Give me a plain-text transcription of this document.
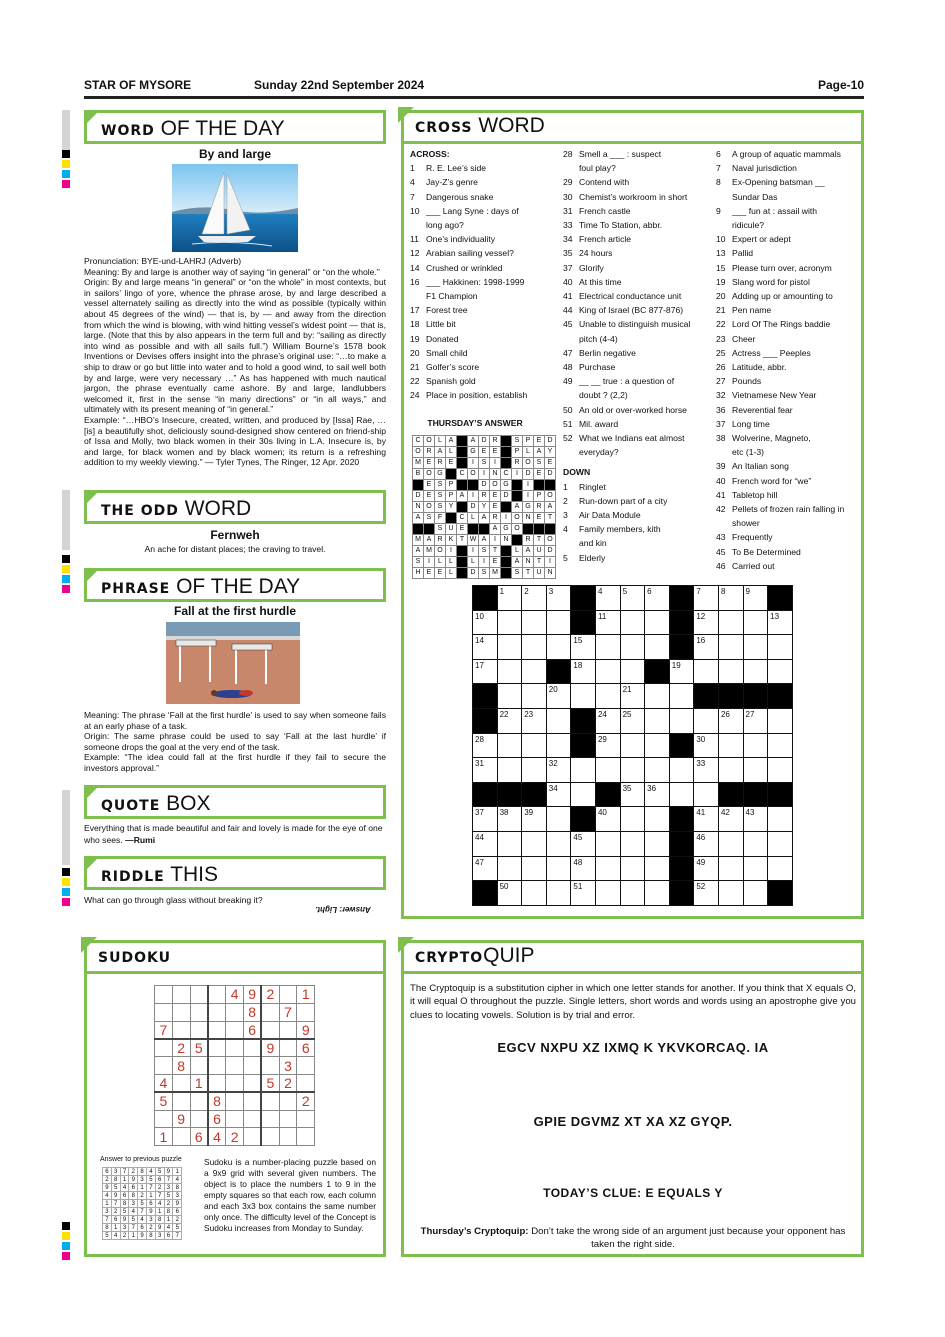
STAR OF MYSORE	Sunday 22nd September 2024	Page-10
WORD OF THE DAY
By and large
Pronunciation: BYE-und-LAHRJ (Adverb)
Meaning: By and large is another way of saying “in general” or “on the whole.”
Origin: By and large means “in general” or “on the whole” in most contexts, but in sailors’ lingo of yore, whence the phrase arose, by and large described a vessel alternately sailing as directly into the wind as possible (typically within about 45 degrees of the wind) — that is, by — and away from the direction from which the wind is blowing, with wind hitting vessel’s widest point — that is, large. (Note that this by also appears in the term full and by: “sailing as directly into wind as possible and with all sails full.”) William Bourne’s 1578 book Inventions or Devises offers insight into the phrase’s original use: “…to make a ship to draw or go but little into water and to hold a good wind, to sail well both by and large, were very necessary …” As has happened with much nautical jargon, the phrase eventually came ashore. By and large, landlubbers welcomed it, first in the sense “in many directions” or “in all ways,” and ultimately with its present meaning of “in general.”
Example: “…HBO’s Insecure, created, written, and produced by [Issa] Rae, … [is] a beautifully shot, deliciously sound-designed show centered on friend-ship of Issa and Molly, two black women in their 30s living in L.A. Insecure is, by and large, for black women and by black women; its return is a refreshing addition to my weekly viewing.” — Tyler Tynes, The Ringer, 12 Apr. 2020
THE ODD WORD
Fernweh
An ache for distant places; the craving to travel.
PHRASE OF THE DAY
Fall at the first hurdle
Meaning: The phrase ‘Fall at the first hurdle’ is used to say when someone fails at an early phase of a task.
Origin: The same phrase could be used to say ‘Fall at the last hurdle’ if someone drops the goal at the very end of the task.
Example: “The idea could fall at the first hurdle if they fail to secure the investors approval.”
QUOTE BOX
Everything that is made beautiful and fair and lovely is made for the eye of one who sees. —Rumi
RIDDLE THIS
What can go through glass without breaking it?
Answer: Light.
CROSS WORD
ACROSS:
1	R. E. Lee’s side
4	Jay-Z’s genre
7	Dangerous snake
10 ___ Lang Syne : days of
long ago?
11 One’s individuality
12 Arabian sailing vessel?
14 Crushed or wrinkled
16 ___ Hakkinen: 1998-1999
F1 Champion
17 Forest tree
18 Little bit
19 Donated
20 Small child
21 Golfer’s score
22 Spanish gold
24 Place in position, establish
THURSDAY’S ANSWER
C	O	L	A		A	D	R		S	P	E	D
O	R	A	L		G	E	E		P	L	A	Y
M	E	R	E		I	S	I		R	O	S	E
B	O	G		C	O	I	N	C	I	D	E	D
	E	S	P			D	O	G		I		
D	E	S	P	A	I	R	E	D		I	P	O
N	O	S	Y		D	Y	E		A	G	R	A
A	S	F		C	L	A	R	I	O	N	E	T
		S	U	E			A	G	O			
M	A	R	K	T	W	A	I	N		R	T	O
A	M	O	I		I	S	T		L	A	U	D
S	I	L	L		L	I	E		A	N	T	I
H	E	E	L		D	S	M		S	T	U	N
28 Smell a ___ : suspect
foul play?
29 Contend with
30 Chemist’s workroom in short
31 French castle
33 Time To Station, abbr.
34 French article
35 24 hours
37 Glorify
40 At this time
41 Electrical conductance unit
44 King of Israel (BC 877-876)
45 Unable to distinguish musical
pitch (4-4)
47 Berlin negative
48 Purchase
49 __ __ true : a question of
doubt ? (2,2)
50 An old or over-worked horse
51 Mil. award
52 What we Indians eat almost
everyday?
DOWN
1	Ringlet
2	Run-down part of a city
3	Air Data Module
4	Family members, kith
and kin
5	Elderly
6	A group of aquatic mammals
7	Naval jurisdiction
8	Ex-Opening batsman __
Sundar Das
9	___ fun at : assail with
ridicule?
10 Expert or adept
13 Pallid
15 Please turn over, acronym
19 Slang word for pistol
20 Adding up or amounting to
21 Pen name
22 Lord Of The Rings baddie
23 Cheer
25 Actress ___ Peeples
26 Latitude, abbr.
27 Pounds
32 Vietnamese New Year
36 Reverential fear
37 Long time
38 Wolverine, Magneto,
etc (1-3)
39 An Italian song
40 French word for “we”
41 Tabletop hill
42 Pellets of frozen rain falling in shower
43 Frequently
45 To Be Determined
46 Carried out
	1	2	3		4	5	6		7	8	9	
10					11				12			13
14				15					16			
17				18				19				
			20			21						
	22	23			24	25				26	27	
28					29				30			
31			32						33			
			34			35	36					
37	38	39			40				41	42	43	
44				45					46			
47				48					49			
	50			51					52			
SUDOKU
				4	9	2		1
					8		7	
7					6			9
	2	5				9		6
	8						3	
4		1				5	2	
5			8					2
	9		6					
1		6	4	2				
Answer to previous puzzle
6	3	7	2	8	4	5	9	1
2	8	1	9	3	5	6	7	4
9	5	4	6	1	7	2	3	8
4	9	6	8	2	1	7	5	3
1	7	8	3	5	6	4	2	9
3	2	5	4	7	9	1	8	6
7	6	9	5	4	3	8	1	2
8	1	3	7	6	2	9	4	5
5	4	2	1	9	8	3	6	7
Sudoku is a number-placing puzzle based on a 9x9 grid with several given numbers. The object is to place the numbers 1 to 9 in the empty squares so that each row, each column and each 3x3 box contains the same number only once. The difficulty level of the Concept is Sudoku increases from Monday to Sunday.
CRYPTOQUIP
The Cryptoquip is a substitution cipher in which one letter stands for another. If you think that X equals O, it will equal O throughout the puzzle. Single letters, short words and words using an apostrophe give you clues to locating vowels. Solution is by trial and error.
EGCV NXPU XZ IXMQ K YKVKORCAQ. IA
GPIE DGVMZ XT XA XZ GYQP.
TODAY’S CLUE: E EQUALS Y
Thursday’s Cryptoquip: Don’t take the wrong side of an argument just because your opponent has taken the right side.
